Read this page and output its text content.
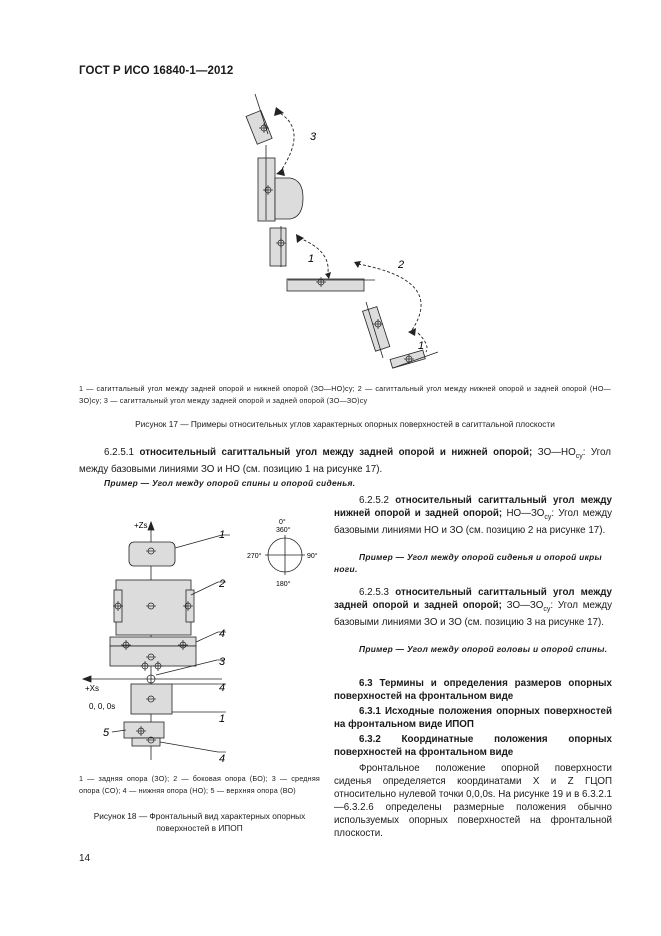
ГОСТ Р ИСО 16840-1—2012
3
1	2
1
1 — сагиттальный угол между задней опорой и нижней опорой (ЗО—НО)су; 2 — сагиттальный угол между нижней опорой и задней опорой (НО—ЗО)су; 3 — сагиттальный угол между задней опорой и задней опорой (ЗО—ЗО)су
Рисунок 17 — Примеры относительных углов характерных опорных поверхностей в сагиттальной плоскости
6.2.5.1 относительный сагиттальный угол между задней опорой и нижней опорой; $ЗО—НО_{су}$: Угол между базовыми линиями ЗО и НО (см. позицию 1 на рисунке 17).
Пример — Угол между опорой спины и опорой сиденья.
0°
360°
270°	90°
180°
+Zs
+Xs
0, 0, 0s
1
2
4
3
4
1
5
4
1 — задняя опора (ЗО); 2 — боковая опора (БО); 3 — средняя опора (СО); 4 — нижняя опора (НО); 5 — верхняя опора (ВО)
Рисунок 18 — Фронтальный вид характерных опорных поверхностей в ИПОП
6.2.5.2 относительный сагиттальный угол между нижней опорой и задней опорой; $НО—ЗО_{су}$: Угол между базовыми линиями НО и ЗО (см. позицию 2 на рисунке 17).
Пример — Угол между опорой сиденья и опорой икры ноги.
6.2.5.3 относительный сагиттальный угол между задней опорой и задней опорой; $ЗО—ЗО_{су}$: Угол между базовыми линиями ЗО и ЗО (см. позицию 3 на рисунке 17).
Пример — Угол между опорой головы и опорой спины.
6.3 Термины и определения размеров опорных поверхностей на фронтальном виде
6.3.1 Исходные положения опорных поверхностей на фронтальном виде ИПОП
6.3.2 Координатные положения опорных поверхностей на фронтальном виде
Фронтальное положение опорной поверхности сиденья определяется координатами X и Z ГЦОП относительно нулевой точки 0,0,0s. На рисунке 19 и в 6.3.2.1—6.3.2.6 определены размерные положения обычно используемых опорных поверхностей на фронтальной плоскости.
14
